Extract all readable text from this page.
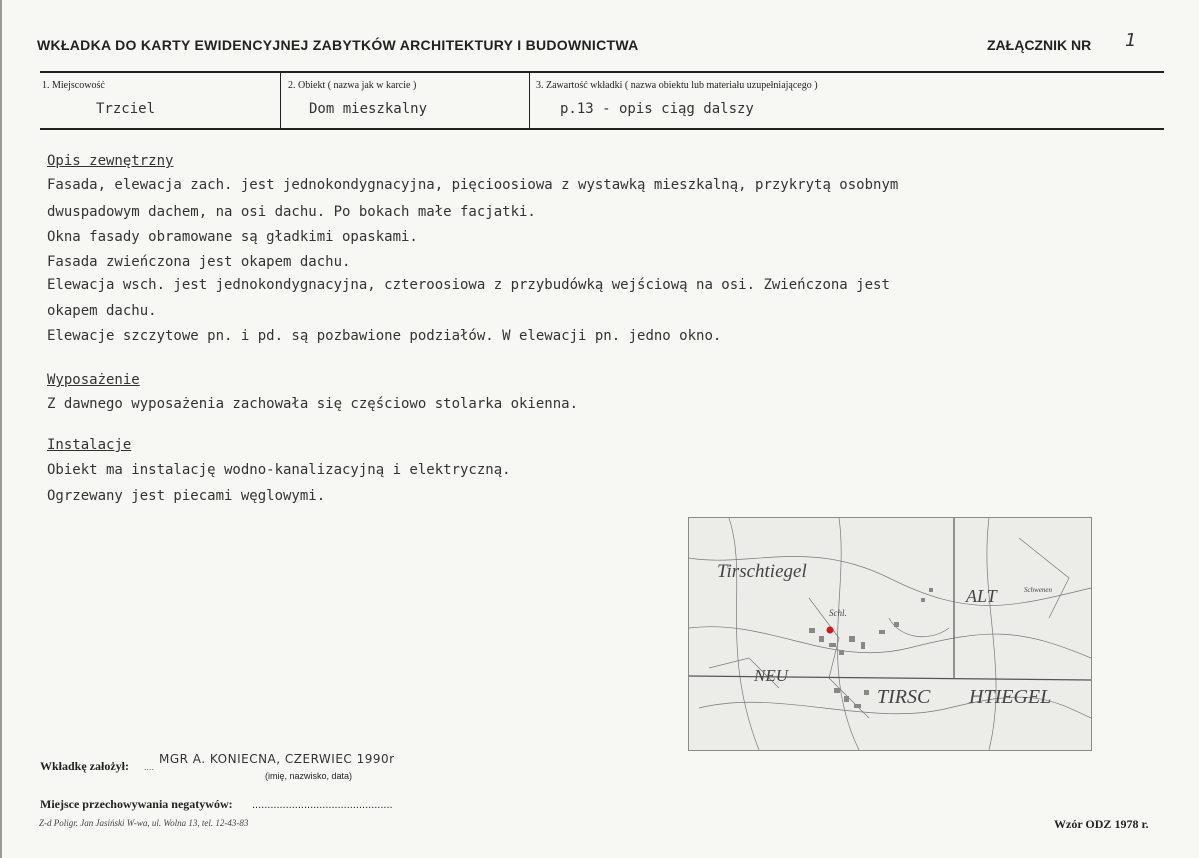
WKŁADKA DO KARTY EWIDENCYJNEJ ZABYTKÓW ARCHITEKTURY I BUDOWNICTWA	ZAŁĄCZNIK NR 1
1. Miejscowość
Trzciel
2. Obiekt ( nazwa jak w karcie )
Dom mieszkalny
3. Zawartość wkładki ( nazwa obiektu lub materiału uzupełniającego )
p.13 - opis ciąg dalszy
Opis zewnętrzny
Fasada, elewacja zach. jest jednokondygnacyjna, pięcioosiowa z wystawką mieszkalną, przykrytą osobnym
dwuspadowym dachem, na osi dachu. Po bokach małe facjatki.
Okna fasady obramowane są gładkimi opaskami.
Fasada zwieńczona jest okapem dachu.
Elewacja wsch. jest jednokondygnacyjna, czteroosiowa z przybudówką wejściową na osi. Zwieńczona jest
okapem dachu.
Elewacje szczytowe pn. i pd. są pozbawione podziałów. W elewacji pn. jedno okno.
Wyposażenie
Z dawnego wyposażenia zachowała się częściowo stolarka okienna.
Instalacje
Obiekt ma instalację wodno-kanalizacyjną i elektryczną.
Ogrzewany jest piecami węglowymi.
Tirschtiegel
ALT
NEU
TIRSC HTIEGEL
Schl.
Schwenen
Wkładkę założył: ....
MGR A. KONIECNA, CZERWIEC 1990r
(imię, nazwisko, data)
Miejsce przechowywania negatywów: ..............................................
Z-d Poligr. Jan Jasiński W-wa, ul. Wolna 13, tel. 12-43-83	Wzór ODZ 1978 r.
